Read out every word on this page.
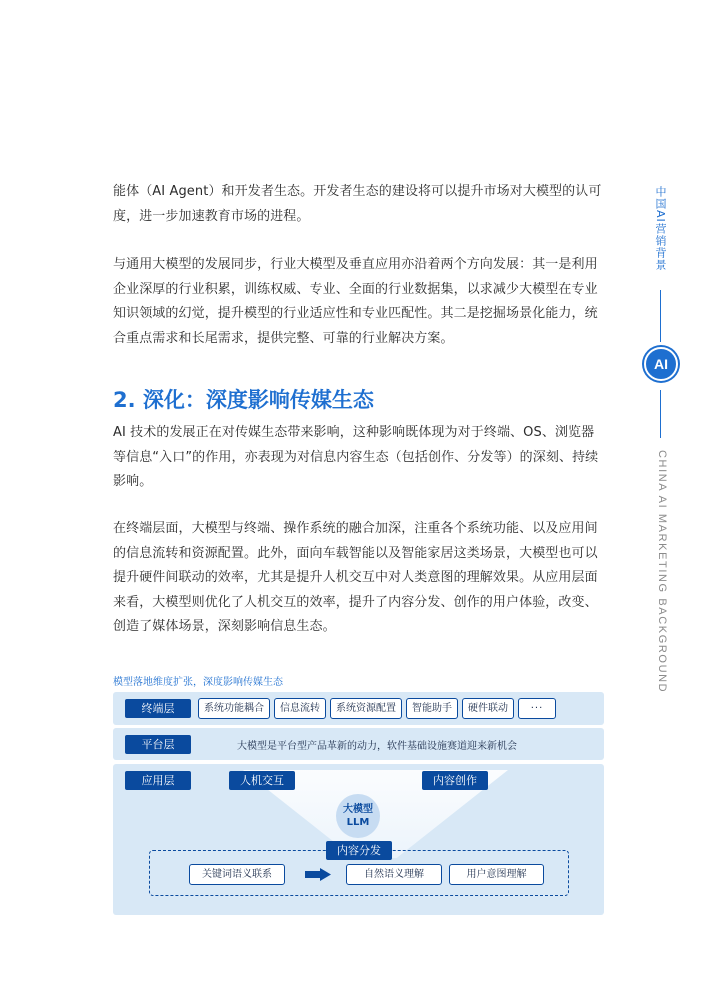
能体（AI Agent）和开发者生态。开发者生态的建设将可以提升市场对大模型的认可度，进一步加速教育市场的进程。

与通用大模型的发展同步，行业大模型及垂直应用亦沿着两个方向发展：其一是利用企业深厚的行业积累，训练权威、专业、全面的行业数据集，以求减少大模型在专业知识领域的幻觉，提升模型的行业适应性和专业匹配性。其二是挖掘场景化能力，统合重点需求和长尾需求，提供完整、可靠的行业解决方案。

2. 深化：深度影响传媒生态

AI 技术的发展正在对传媒生态带来影响，这种影响既体现为对于终端、OS、浏览器等信息“入口”的作用，亦表现为对信息内容生态（包括创作、分发等）的深刻、持续影响。

在终端层面，大模型与终端、操作系统的融合加深，注重各个系统功能、以及应用间的信息流转和资源配置。此外，面向车载智能以及智能家居这类场景，大模型也可以提升硬件间联动的效率，尤其是提升人机交互中对人类意图的理解效果。从应用层面来看，大模型则优化了人机交互的效率，提升了内容分发、创作的用户体验，改变、创造了媒体场景，深刻影响信息生态。

中国AI营销背景
AI
CHINA AI MARKETING BACKGROUND

模型落地维度扩张，深度影响传媒生态

终端层	系统功能耦合	信息流转	系统资源配置	智能助手	硬件联动	···
平台层	大模型是平台型产品革新的动力，软件基础设施赛道迎来新机会
应用层	人机交互	内容创作
大模型
LLM
内容分发
关键词语义联系	自然语义理解	用户意图理解
